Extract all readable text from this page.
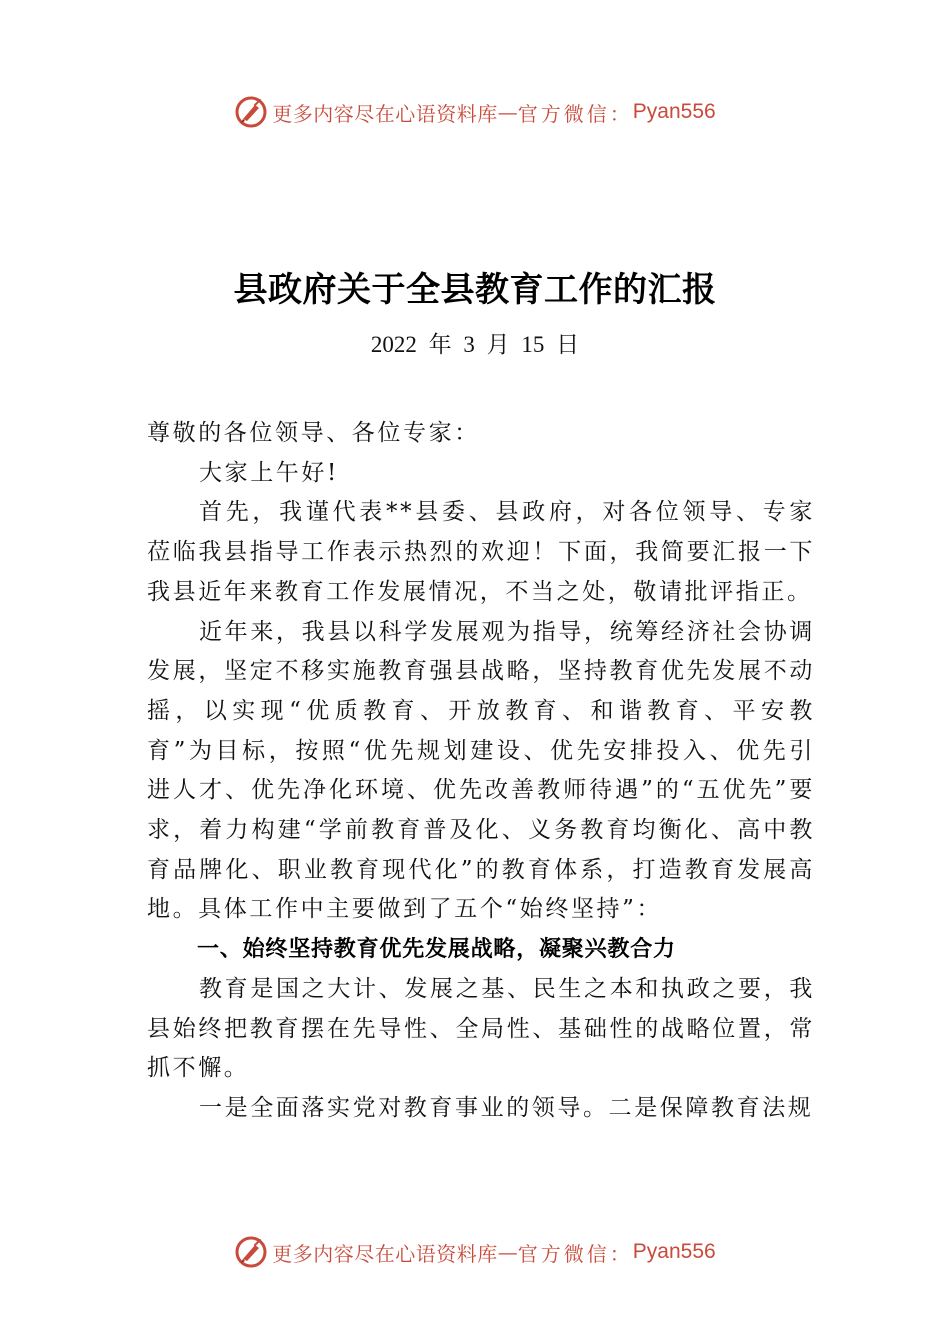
更多内容尽在心语资料库 — 官方微信： Pyan556
县政府关于全县教育工作的汇报
2022 年 3 月 15 日

尊敬的各位领导、各位专家：

大家上午好!

首先，我谨代表**县委、县政府，对各位领导、专家莅临我县指导工作表示热烈的欢迎！下面，我简要汇报一下我县近年来教育工作发展情况，不当之处，敬请批评指正。

近年来，我县以科学发展观为指导，统筹经济社会协调发展，坚定不移实施教育强县战略，坚持教育优先发展不动摇，以实现“优质教育、开放教育、和谐教育、平安教育”为目标，按照“优先规划建设、优先安排投入、优先引进人才、优先净化环境、优先改善教师待遇”的“五优先”要求，着力构建“学前教育普及化、义务教育均衡化、高中教育品牌化、职业教育现代化”的教育体系，打造教育发展高地。具体工作中主要做到了五个“始终坚持”：

一、始终坚持教育优先发展战略，凝聚兴教合力

教育是国之大计、发展之基、民生之本和执政之要，我县始终把教育摆在先导性、全局性、基础性的战略位置，常抓不懈。

一是全面落实党对教育事业的领导。二是保障教育法规

更多内容尽在心语资料库 — 官方微信： Pyan556
